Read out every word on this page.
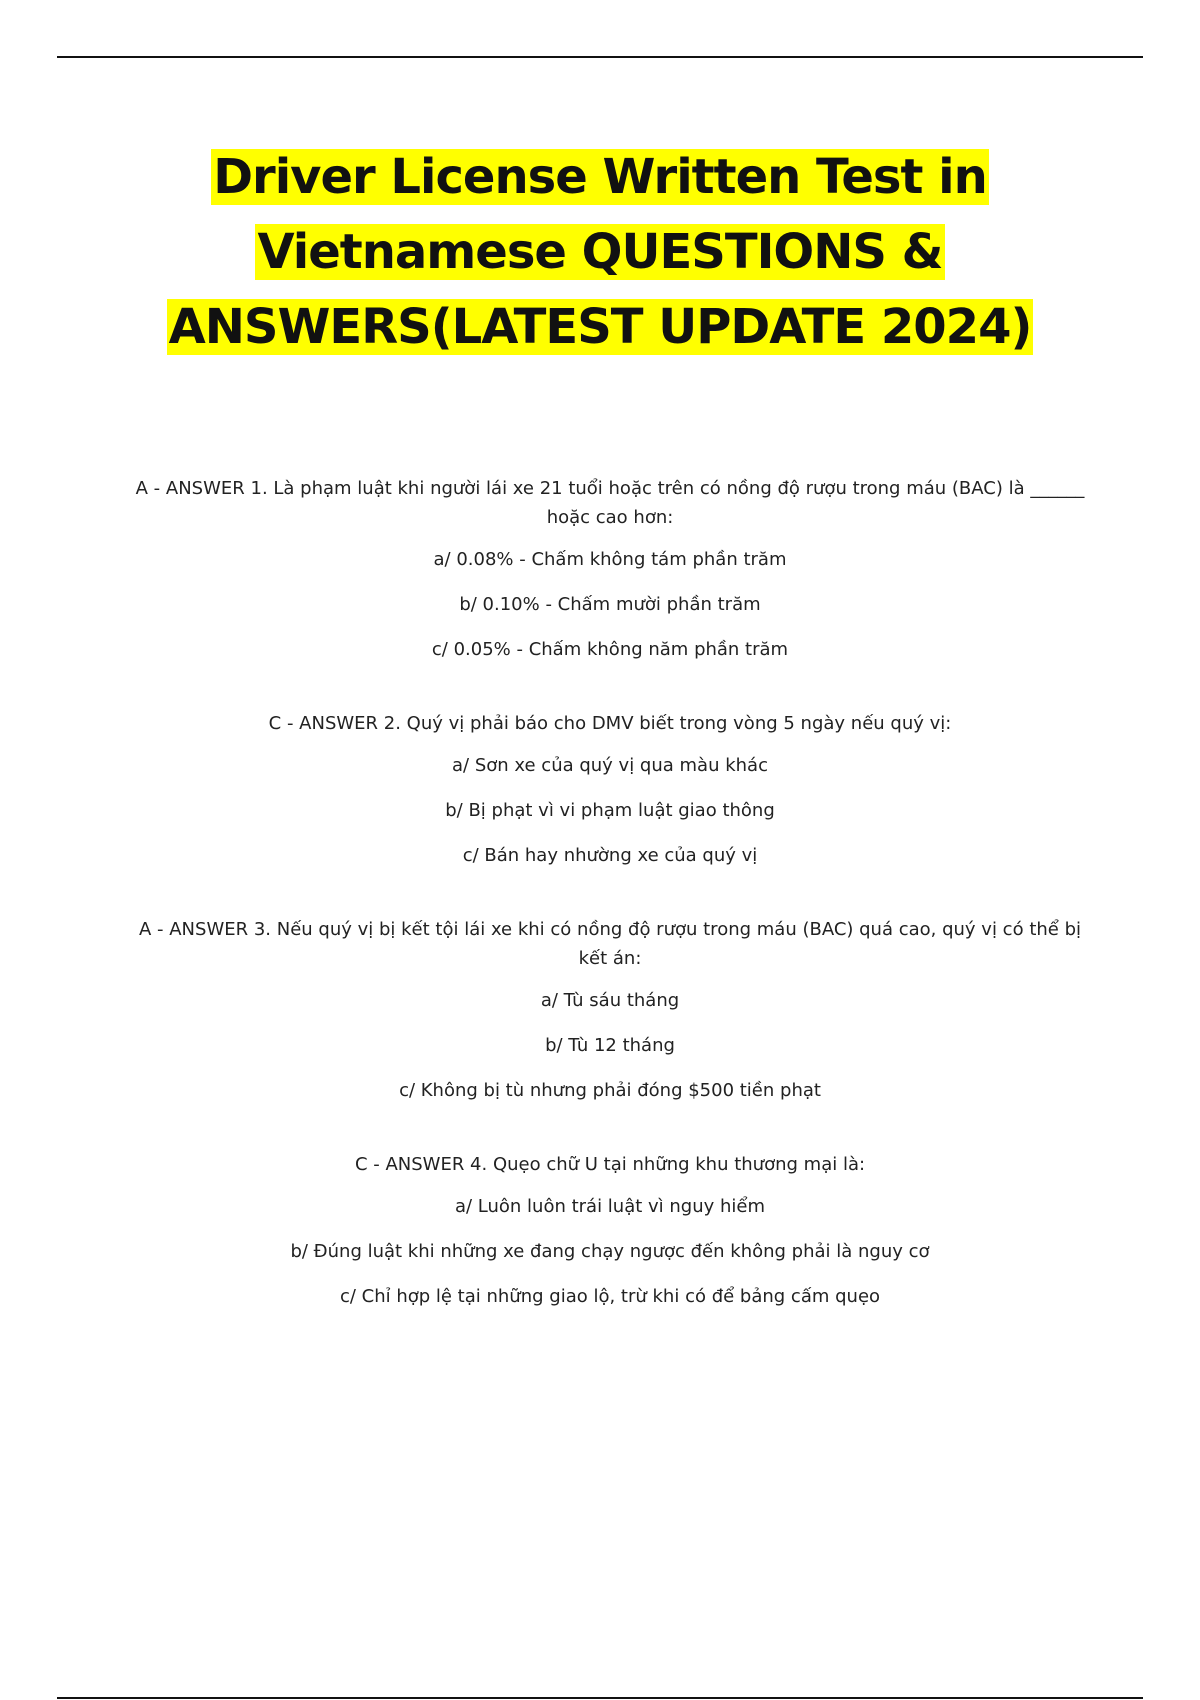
Driver License Written Test in
Vietnamese QUESTIONS &
ANSWERS(LATEST UPDATE 2024)
A - ANSWER 1. Là phạm luật khi người lái xe 21 tuổi hoặc trên có nồng độ rượu trong máu (BAC) là ______ hoặc cao hơn:
a/ 0.08% - Chấm không tám phần trăm
b/ 0.10% - Chấm mười phần trăm
c/ 0.05% - Chấm không năm phần trăm
C - ANSWER 2. Quý vị phải báo cho DMV biết trong vòng 5 ngày nếu quý vị:
a/ Sơn xe của quý vị qua màu khác
b/ Bị phạt vì vi phạm luật giao thông
c/ Bán hay nhường xe của quý vị
A - ANSWER 3. Nếu quý vị bị kết tội lái xe khi có nồng độ rượu trong máu (BAC) quá cao, quý vị có thể bị kết án:
a/ Tù sáu tháng
b/ Tù 12 tháng
c/ Không bị tù nhưng phải đóng $500 tiền phạt
C - ANSWER 4. Quẹo chữ U tại những khu thương mại là:
a/ Luôn luôn trái luật vì nguy hiểm
b/ Đúng luật khi những xe đang chạy ngược đến không phải là nguy cơ
c/ Chỉ hợp lệ tại những giao lộ, trừ khi có để bảng cấm quẹo
